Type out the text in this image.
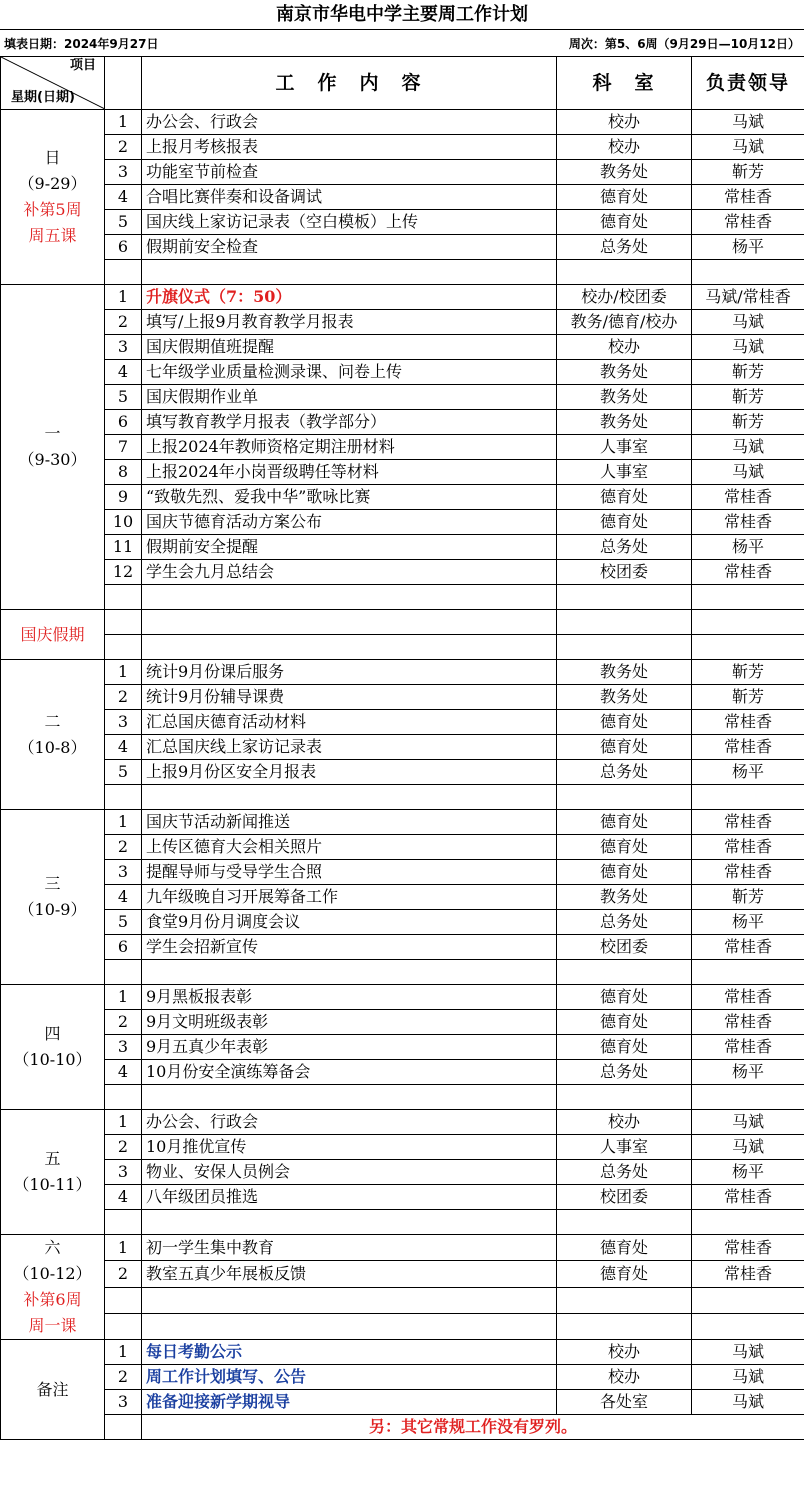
南京市华电中学主要周工作计划
填表日期：2024年9月27日	周次：第5、6周（9月29日—10月12日）
项目
星期(日期)		工　作　内　容	科　室	负责领导

日
（9-29）
补第5周
周五课	1	办公会、行政会	校办	马斌
	2	上报月考核报表	校办	马斌
	3	功能室节前检查	教务处	靳芳
	4	合唱比赛伴奏和设备调试	德育处	常桂香
	5	国庆线上家访记录表（空白模板）上传	德育处	常桂香
	6	假期前安全检查	总务处	杨平

一
（9-30）	1	升旗仪式（7：50）	校办/校团委	马斌/常桂香
	2	填写/上报9月教育教学月报表	教务/德育/校办	马斌
	3	国庆假期值班提醒	校办	马斌
	4	七年级学业质量检测录课、问卷上传	教务处	靳芳
	5	国庆假期作业单	教务处	靳芳
	6	填写教育教学月报表（教学部分）	教务处	靳芳
	7	上报2024年教师资格定期注册材料	人事室	马斌
	8	上报2024年小岗晋级聘任等材料	人事室	马斌
	9	“致敬先烈、爱我中华”歌咏比赛	德育处	常桂香
	10	国庆节德育活动方案公布	德育处	常桂香
	11	假期前安全提醒	总务处	杨平
	12	学生会九月总结会	校团委	常桂香

国庆假期				

二
（10-8）	1	统计9月份课后服务	教务处	靳芳
	2	统计9月份辅导课费	教务处	靳芳
	3	汇总国庆德育活动材料	德育处	常桂香
	4	汇总国庆线上家访记录表	德育处	常桂香
	5	上报9月份区安全月报表	总务处	杨平

三
（10-9）	1	国庆节活动新闻推送	德育处	常桂香
	2	上传区德育大会相关照片	德育处	常桂香
	3	提醒导师与受导学生合照	德育处	常桂香
	4	九年级晚自习开展筹备工作	教务处	靳芳
	5	食堂9月份月调度会议	总务处	杨平
	6	学生会招新宣传	校团委	常桂香

四
（10-10）	1	9月黑板报表彰	德育处	常桂香
	2	9月文明班级表彰	德育处	常桂香
	3	9月五真少年表彰	德育处	常桂香
	4	10月份安全演练筹备会	总务处	杨平

五
（10-11）	1	办公会、行政会	校办	马斌
	2	10月推优宣传	人事室	马斌
	3	物业、安保人员例会	总务处	杨平
	4	八年级团员推选	校团委	常桂香

六
（10-12）
补第6周
周一课	1	初一学生集中教育	德育处	常桂香
	2	教室五真少年展板反馈	德育处	常桂香

备注	1	每日考勤公示	校办	马斌
	2	周工作计划填写、公告	校办	马斌
	3	准备迎接新学期视导	各处室	马斌
		另：其它常规工作没有罗列。		
